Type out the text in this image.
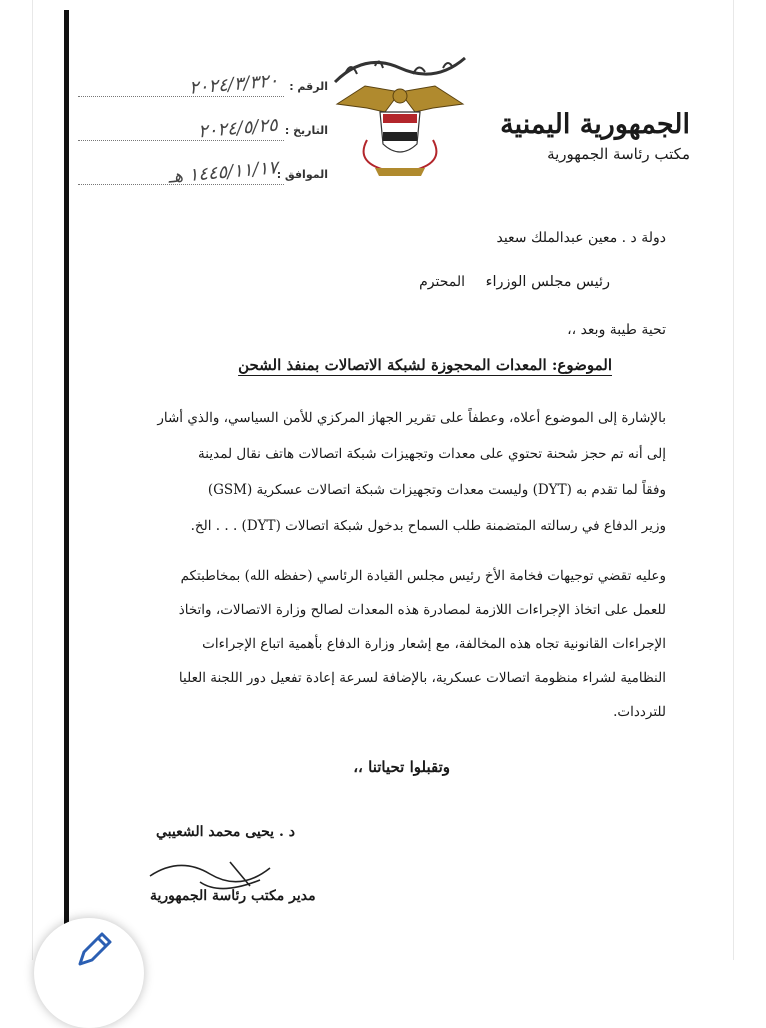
الرقم :
٢٠٢٤/٣/٣٢٠
التاريخ :
٢٠٢٤/٥/٢٥
الموافق :
١٤٤٥/١١/١٧ هـ
الجمهورية اليمنية
مكتب رئاسة الجمهورية
دولة د . معين عبدالملك سعيد
رئيس مجلس الوزراء
المحترم
تحية طيبة وبعد ،،
الموضوع: المعدات المحجوزة لشبكة الاتصالات بمنفذ الشحن
بالإشارة إلى الموضوع أعلاه، وعطفاً على تقرير الجهاز المركزي للأمن السياسي، والذي أشار
إلى أنه تم حجز شحنة تحتوي على معدات وتجهيزات شبكة اتصالات هاتف نقال لمدينة
(GSM) وليست معدات وتجهيزات شبكة اتصالات عسكرية (DYT) وفقاً لما تقدم به
وزير الدفاع في رسالته المتضمنة طلب السماح بدخول شبكة اتصالات (DYT) . . . الخ.
وعليه تقضي توجيهات فخامة الأخ رئيس مجلس القيادة الرئاسي (حفظه الله) بمخاطبتكم
للعمل على اتخاذ الإجراءات اللازمة لمصادرة هذه المعدات لصالح وزارة الاتصالات، واتخاذ
الإجراءات القانونية تجاه هذه المخالفة، مع إشعار وزارة الدفاع بأهمية اتباع الإجراءات
النظامية لشراء منظومة اتصالات عسكرية، بالإضافة لسرعة إعادة تفعيل دور اللجنة العليا
للترددات.
وتقبلوا تحياتنا ،،
د . يحيى محمد الشعيبي
مدير مكتب رئاسة الجمهورية
